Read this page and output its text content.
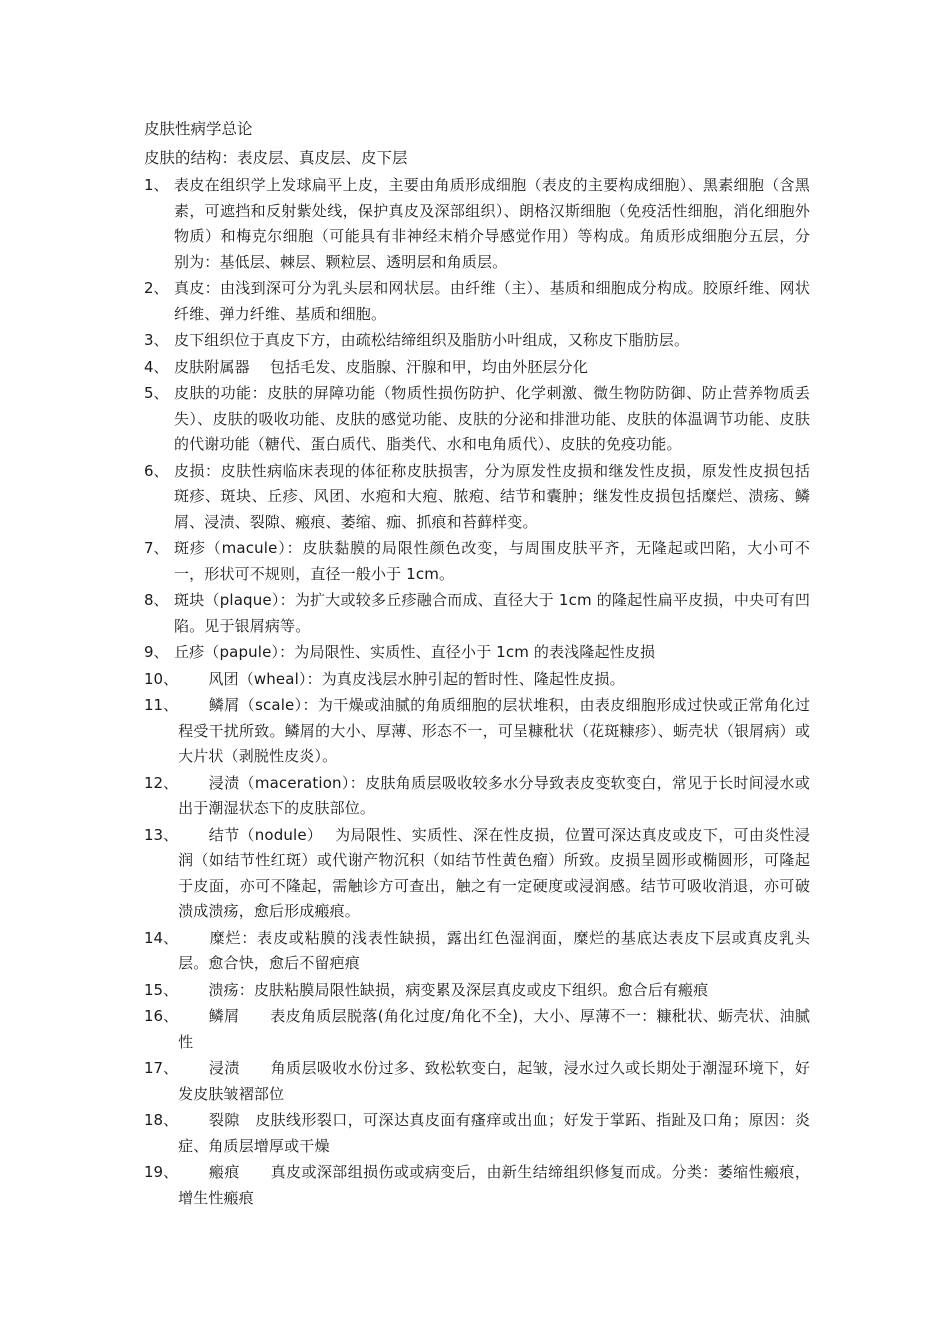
皮肤性病学总论
皮肤的结构：表皮层、真皮层、皮下层
1、 表皮在组织学上发球扁平上皮，主要由角质形成细胞（表皮的主要构成细胞）、黑素细胞（含黑素，可遮挡和反射紫处线，保护真皮及深部组织）、朗格汉斯细胞（免疫活性细胞，消化细胞外物质）和梅克尔细胞（可能具有非神经末梢介导感觉作用）等构成。角质形成细胞分五层，分别为：基低层、棘层、颗粒层、透明层和角质层。
2、 真皮：由浅到深可分为乳头层和网状层。由纤维（主）、基质和细胞成分构成。胶原纤维、网状纤维、弹力纤维、基质和细胞。
3、 皮下组织位于真皮下方，由疏松结缔组织及脂肪小叶组成，又称皮下脂肪层。
4、 皮肤附属器　 包括毛发、皮脂腺、汗腺和甲，均由外胚层分化
5、 皮肤的功能：皮肤的屏障功能（物质性损伤防护、化学刺激、微生物防防御、防止营养物质丢失）、皮肤的吸收功能、皮肤的感觉功能、皮肤的分泌和排泄功能、皮肤的体温调节功能、皮肤的代谢功能（糖代、蛋白质代、脂类代、水和电角质代）、皮肤的免疫功能。
6、 皮损：皮肤性病临床表现的体征称皮肤损害，分为原发性皮损和继发性皮损，原发性皮损包括斑疹、斑块、丘疹、风团、水疱和大疱、脓疱、结节和囊肿；继发性皮损包括糜烂、溃疡、鳞屑、浸渍、裂隙、瘢痕、萎缩、痂、抓痕和苔藓样变。
7、 斑疹（macule）：皮肤黏膜的局限性颜色改变，与周围皮肤平齐，无隆起或凹陷，大小可不一，形状可不规则，直径一般小于 1cm。
8、 斑块（plaque）：为扩大或较多丘疹融合而成、直径大于 1cm 的隆起性扁平皮损，中央可有凹陷。见于银屑病等。
9、 丘疹（papule）：为局限性、实质性、直径小于 1cm 的表浅隆起性皮损
10、 　　风团（wheal）：为真皮浅层水肿引起的暂时性、隆起性皮损。
11、 　　鳞屑（scale）：为干燥或油腻的角质细胞的层状堆积，由表皮细胞形成过快或正常角化过程受干扰所致。鳞屑的大小、厚薄、形态不一，可呈糠秕状（花斑糠疹）、蛎壳状（银屑病）或大片状（剥脱性皮炎）。
12、 　　浸渍（maceration）：皮肤角质层吸收较多水分导致表皮变软变白，常见于长时间浸水或出于潮湿状态下的皮肤部位。
13、 　　结节（nodule）　 为局限性、实质性、深在性皮损，位置可深达真皮或皮下，可由炎性浸润（如结节性红斑）或代谢产物沉积（如结节性黄色瘤）所致。皮损呈圆形或椭圆形，可隆起于皮面，亦可不隆起，需触诊方可查出，触之有一定硬度或浸润感。结节可吸收消退，亦可破溃成溃疡，愈后形成瘢痕。
14、 　　糜烂：表皮或粘膜的浅表性缺损，露出红色湿润面，糜烂的基底达表皮下层或真皮乳头层。愈合快，愈后不留疤痕
15、 　　溃疡：皮肤粘膜局限性缺损，病变累及深层真皮或皮下组织。愈合后有瘢痕
16、 　　鳞屑　　表皮角质层脱落(角化过度/角化不全)，大小、厚薄不一：糠秕状、蛎壳状、油腻性
17、 　　浸渍　　角质层吸收水份过多、致松软变白，起皱，浸水过久或长期处于潮湿环境下，好发皮肤皱褶部位
18、 　　裂隙　皮肤线形裂口，可深达真皮面有瘙痒或出血；好发于掌跖、指趾及口角；原因：炎症、角质层增厚或干燥
19、 　　瘢痕　　真皮或深部组损伤或或病变后，由新生结缔组织修复而成。分类：萎缩性瘢痕，增生性瘢痕
